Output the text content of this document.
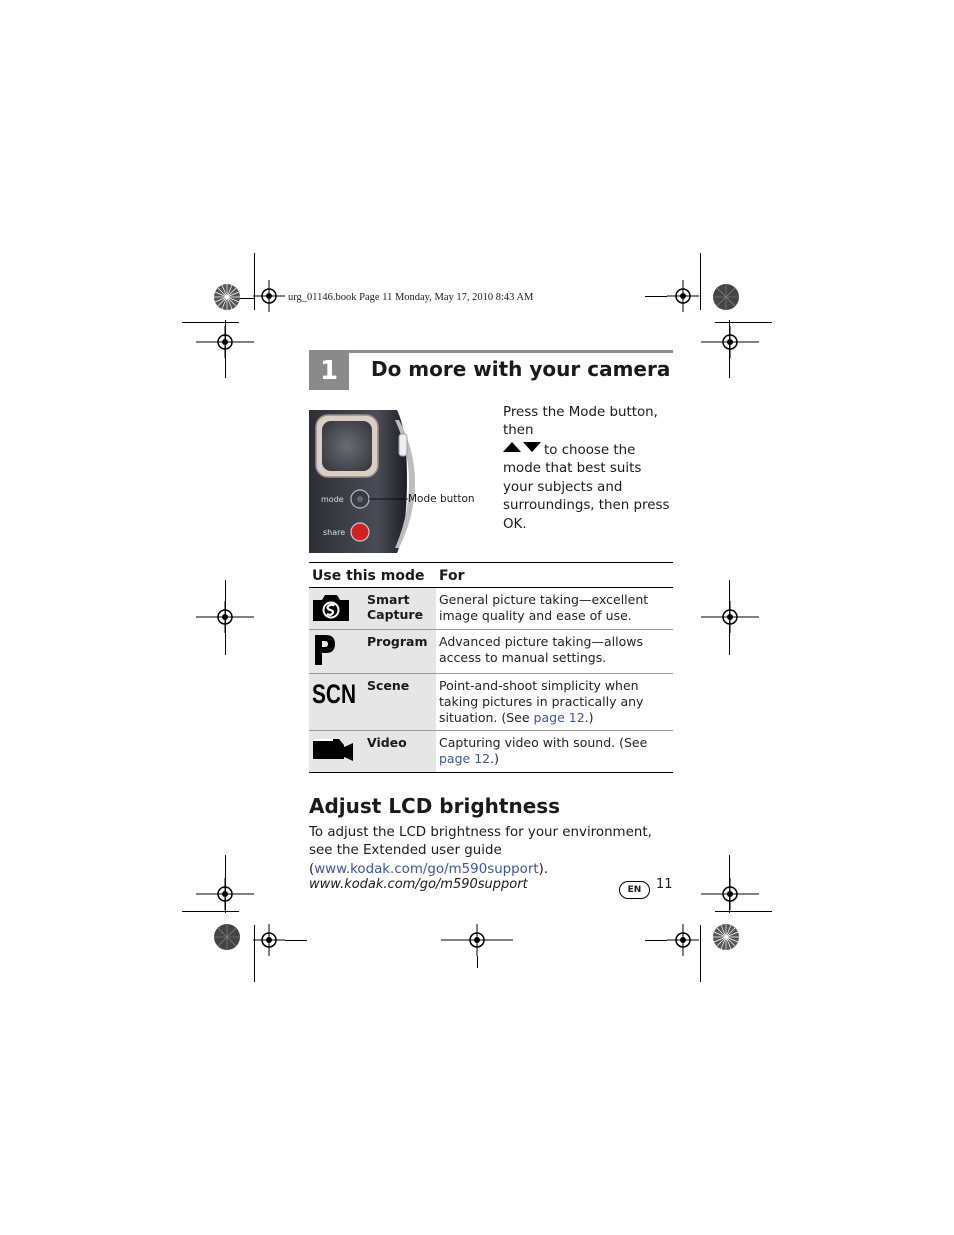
urg_01146.book Page 11 Monday, May 17, 2010 8:43 AM
1	Do more with your camera
mode
share
Mode button
Press the Mode button, then
to choose the mode that best suits your subjects and surroundings, then press OK.
Use this mode		For
	Smart Capture	General picture taking—excellent image quality and ease of use.
	Program	Advanced picture taking—allows access to manual settings.

SCN	Scene	Point-and-shoot simplicity when taking pictures in practically any situation. (See page 12.)
	Video	Capturing video with sound. (See page 12.)
Adjust LCD brightness
To adjust the LCD brightness for your environment, see the Extended user guide (www.kodak.com/go/m590support).
www.kodak.com/go/m590support	EN	11
